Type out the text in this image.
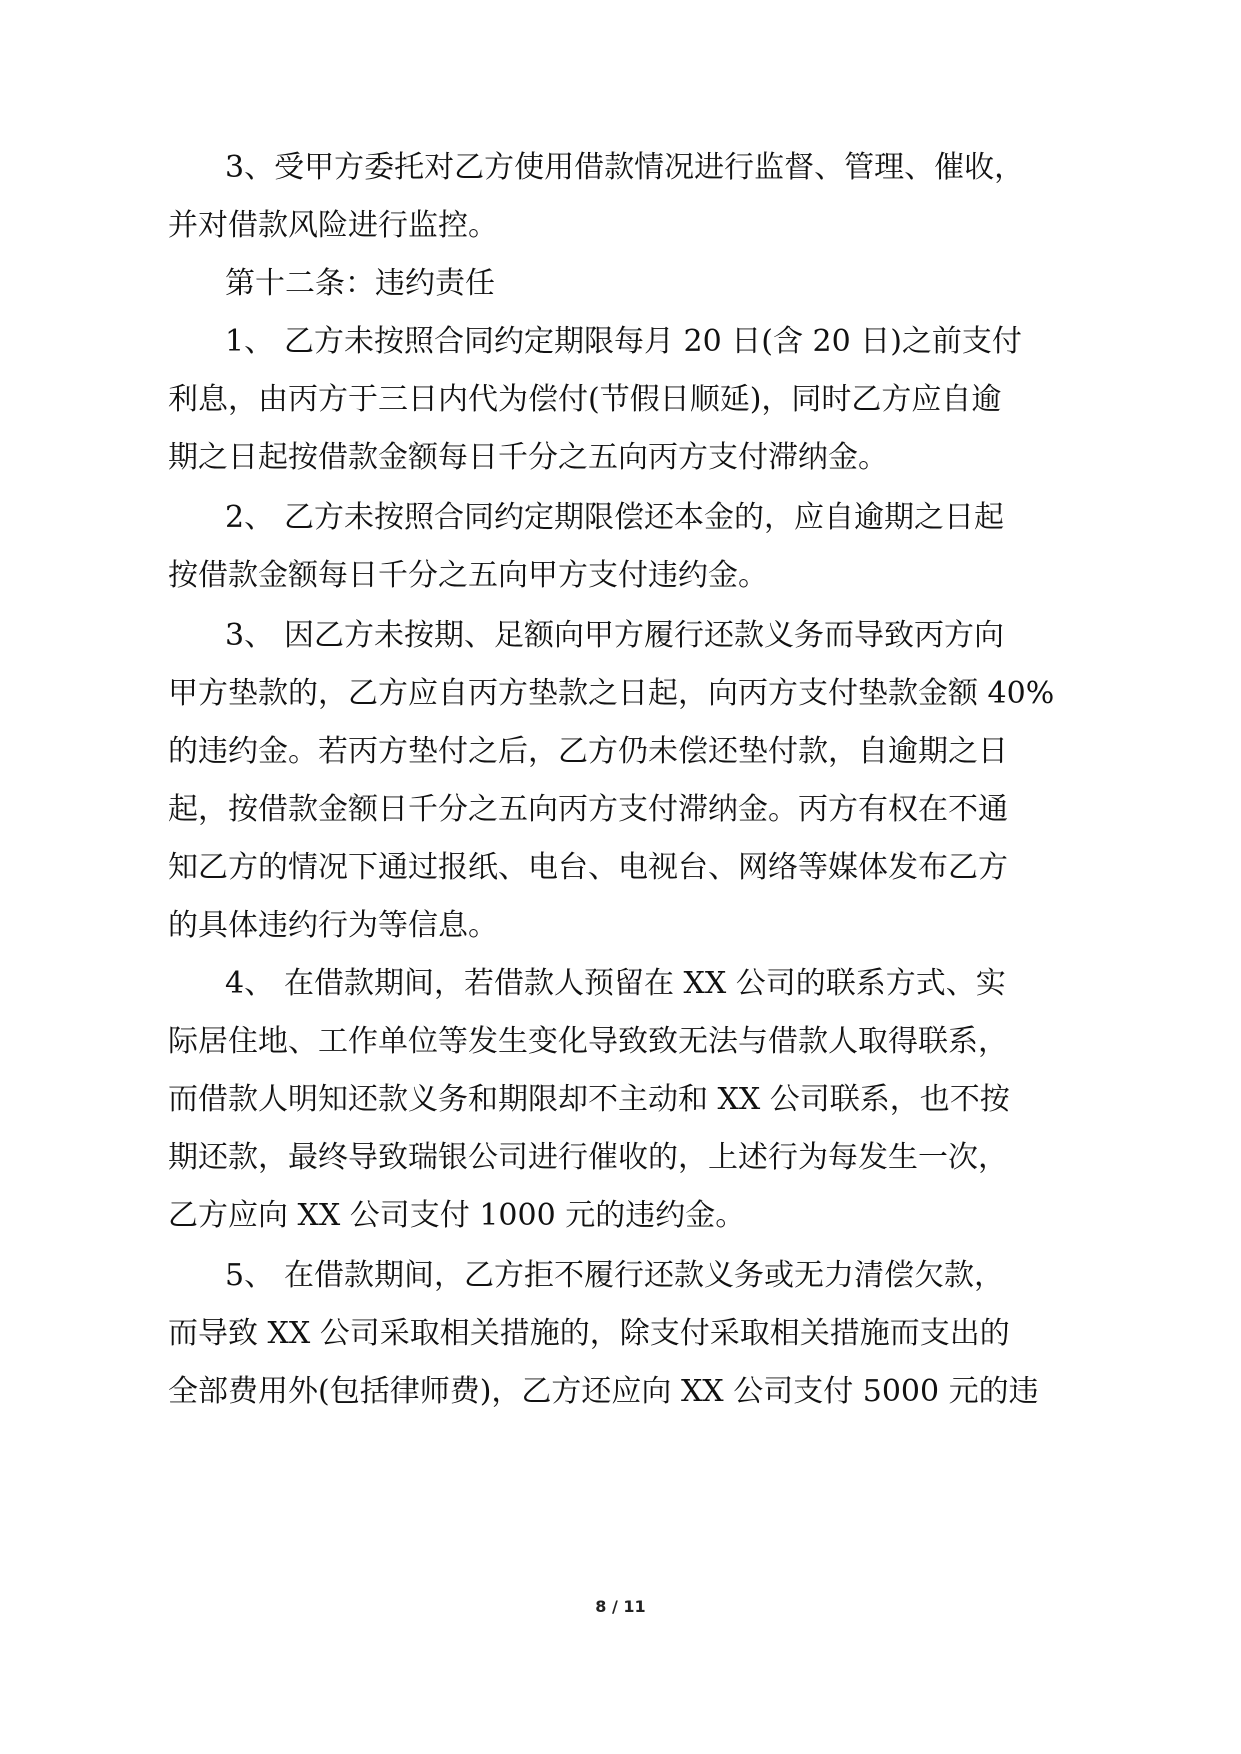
3、受甲方委托对乙方使用借款情况进行监督、管理、催收，

并对借款风险进行监控。

第十二条：违约责任

1、 乙方未按照合同约定期限每月 20 日(含 20 日)之前支付

利息，由丙方于三日内代为偿付(节假日顺延)，同时乙方应自逾

期之日起按借款金额每日千分之五向丙方支付滞纳金。

2、 乙方未按照合同约定期限偿还本金的，应自逾期之日起

按借款金额每日千分之五向甲方支付违约金。

3、 因乙方未按期、足额向甲方履行还款义务而导致丙方向

甲方垫款的，乙方应自丙方垫款之日起，向丙方支付垫款金额 40%

的违约金。若丙方垫付之后，乙方仍未偿还垫付款，自逾期之日

起，按借款金额日千分之五向丙方支付滞纳金。丙方有权在不通

知乙方的情况下通过报纸、电台、电视台、网络等媒体发布乙方

的具体违约行为等信息。

4、 在借款期间，若借款人预留在 XX 公司的联系方式、实

际居住地、工作单位等发生变化导致致无法与借款人取得联系，

而借款人明知还款义务和期限却不主动和 XX 公司联系，也不按

期还款，最终导致瑞银公司进行催收的，上述行为每发生一次，

乙方应向 XX 公司支付 1000 元的违约金。

5、 在借款期间，乙方拒不履行还款义务或无力清偿欠款，

而导致 XX 公司采取相关措施的，除支付采取相关措施而支出的

全部费用外(包括律师费)，乙方还应向 XX 公司支付 5000 元的违

8 / 11
